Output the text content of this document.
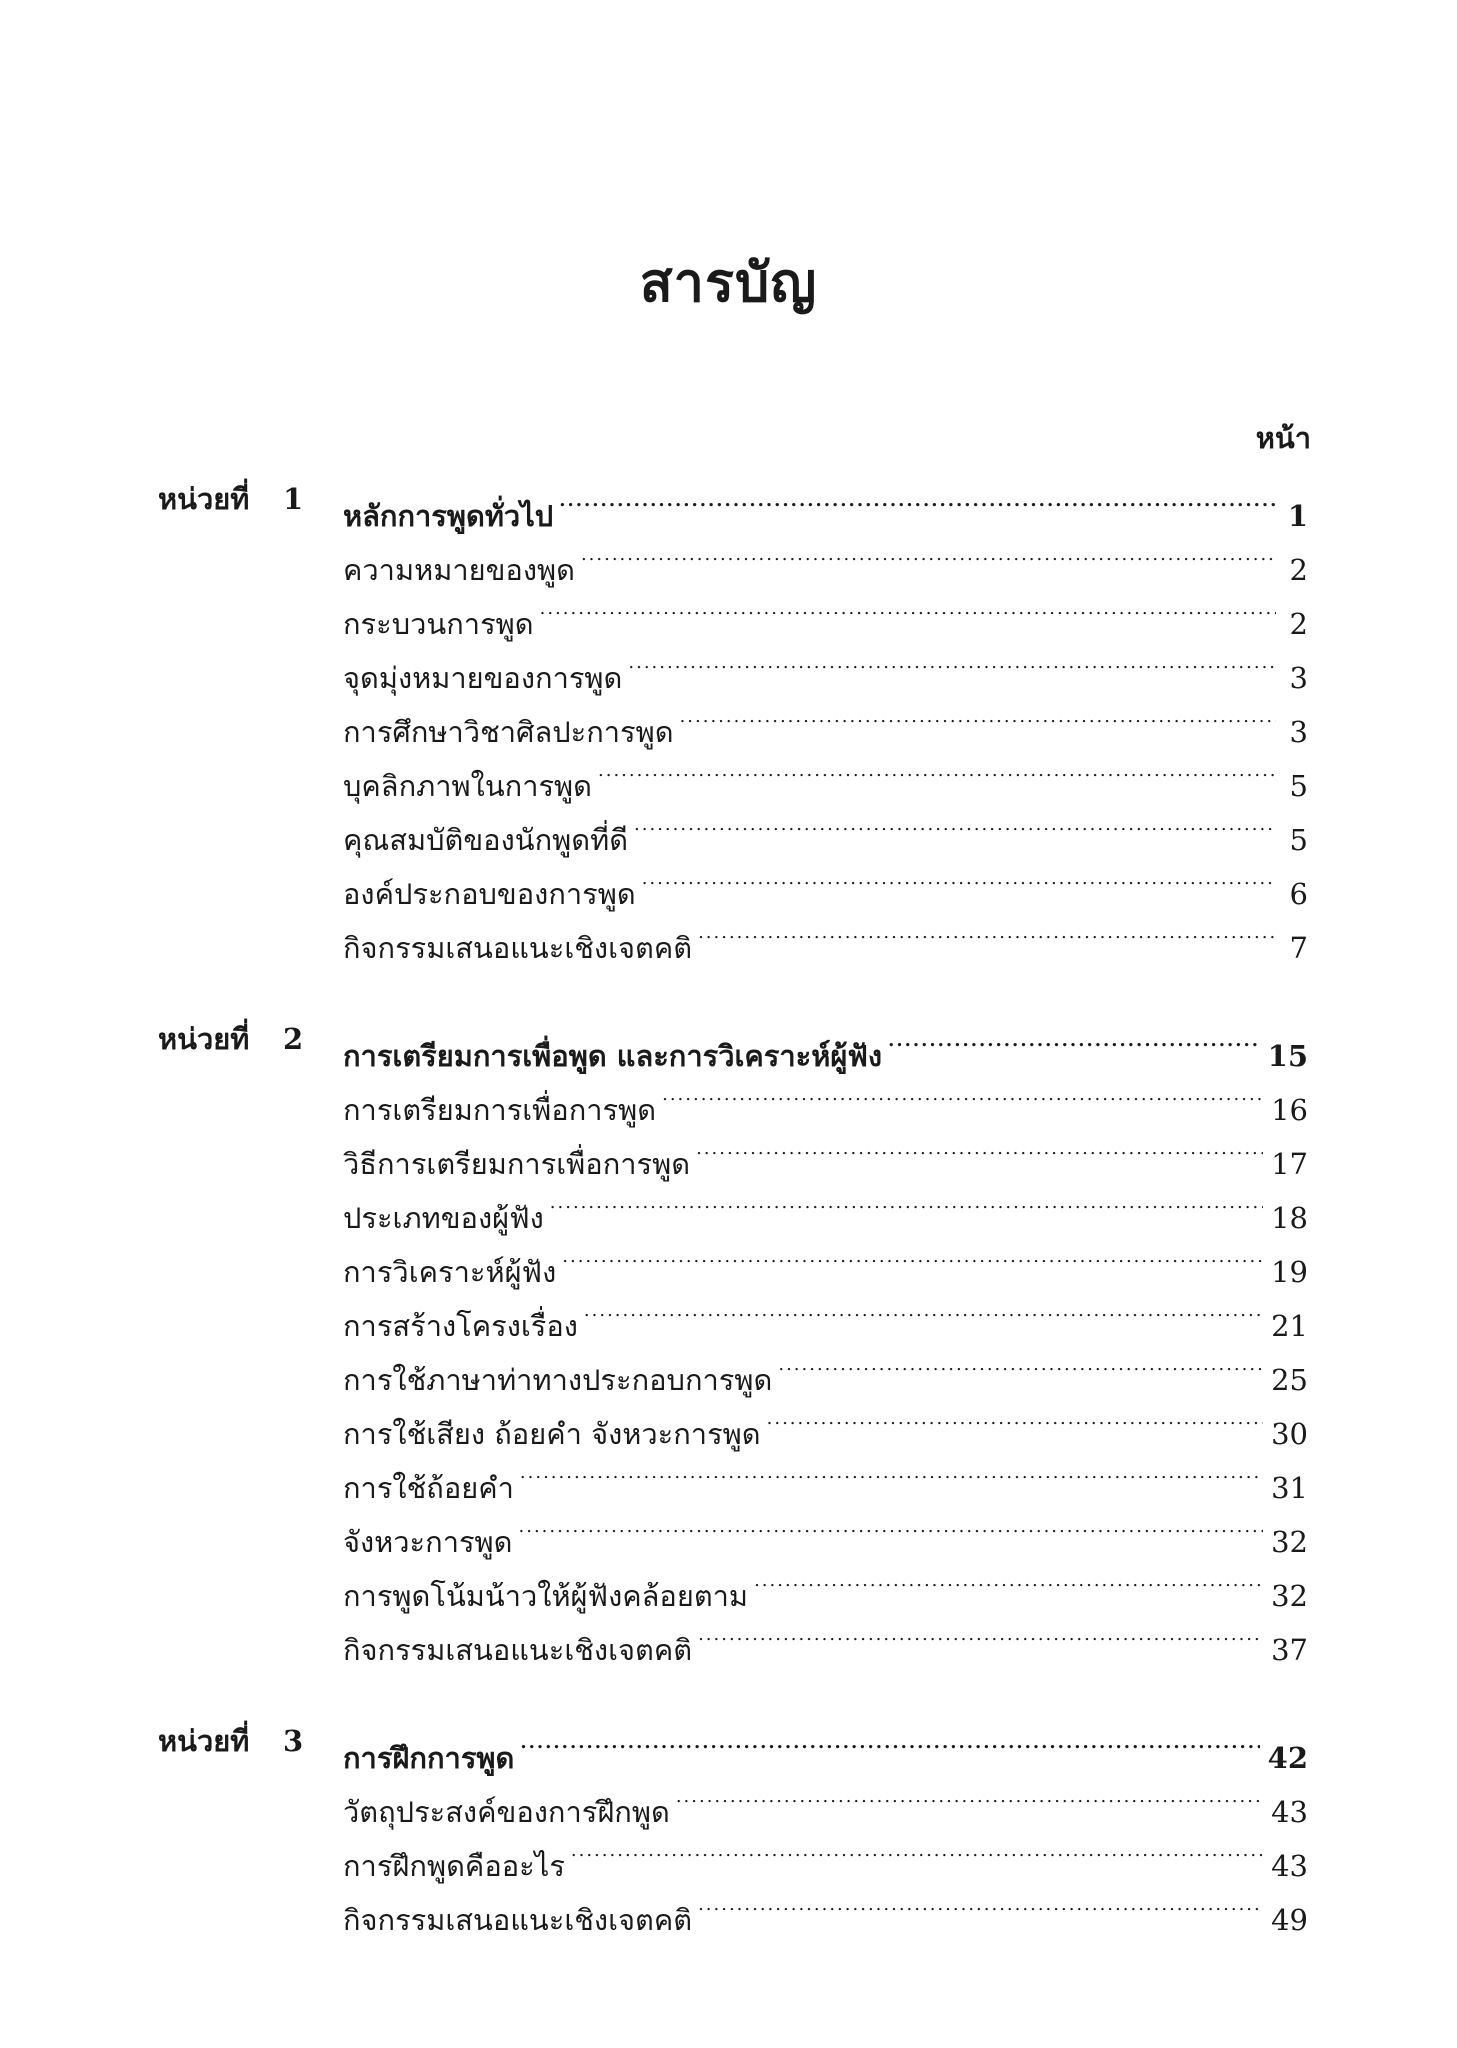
สารบัญ
หน้า
หน่วยที่ 1 หลักการพูดทั่วไป .....	1
ความหมายของพูด .....	2
กระบวนการพูด .....	2
จุดมุ่งหมายของการพูด .....	3
การศึกษาวิชาศิลปะการพูด .....	3
บุคลิกภาพในการพูด .....	5
คุณสมบัติของนักพูดที่ดี .....	5
องค์ประกอบของการพูด .....	6
กิจกรรมเสนอแนะเชิงเจตคติ .....	7
หน่วยที่ 2 การเตรียมการเพื่อพูด และการวิเคราะห์ผู้ฟัง .....	15
การเตรียมการเพื่อการพูด .....	16
วิธีการเตรียมการเพื่อการพูด .....	17
ประเภทของผู้ฟัง .....	18
การวิเคราะห์ผู้ฟัง .....	19
การสร้างโครงเรื่อง .....	21
การใช้ภาษาท่าทางประกอบการพูด .....	25
การใช้เสียง ถ้อยคำ จังหวะการพูด .....	30
การใช้ถ้อยคำ .....	31
จังหวะการพูด .....	32
การพูดโน้มน้าวให้ผู้ฟังคล้อยตาม .....	32
กิจกรรมเสนอแนะเชิงเจตคติ .....	37
หน่วยที่ 3 การฝึกการพูด .....	42
วัตถุประสงค์ของการฝึกพูด .....	43
การฝึกพูดคืออะไร .....	43
กิจกรรมเสนอแนะเชิงเจตคติ .....	49
